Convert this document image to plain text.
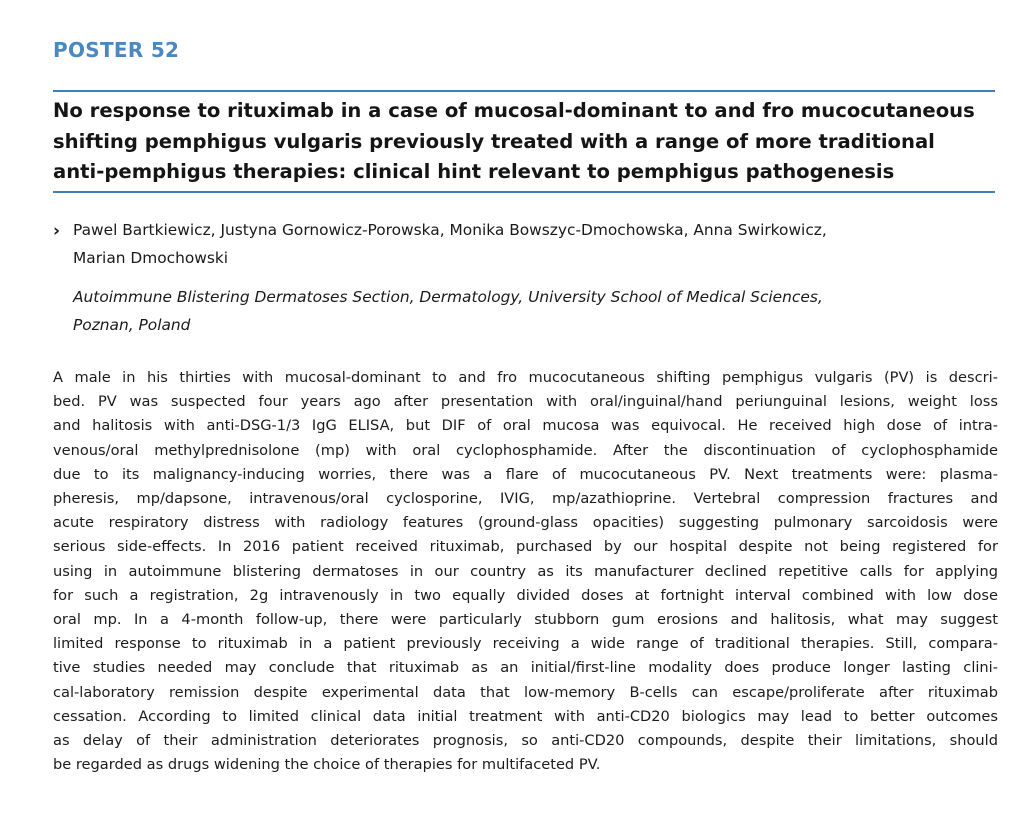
POSTER 52
No response to rituximab in a case of mucosal-dominant to and fro mucocutaneous
shifting pemphigus vulgaris previously treated with a range of more traditional
anti-pemphigus therapies: clinical hint relevant to pemphigus pathogenesis
› Pawel Bartkiewicz, Justyna Gornowicz-Porowska, Monika Bowszyc-Dmochowska, Anna Swirkowicz,
Marian Dmochowski
Autoimmune Blistering Dermatoses Section, Dermatology, University School of Medical Sciences,
Poznan, Poland
A male in his thirties with mucosal-dominant to and fro mucocutaneous shifting pemphigus vulgaris (PV) is descri-
bed. PV was suspected four years ago after presentation with oral/inguinal/hand periunguinal lesions, weight loss
and halitosis with anti-DSG-1/3 IgG ELISA, but DIF of oral mucosa was equivocal. He received high dose of intra-
venous/oral methylprednisolone (mp) with oral cyclophosphamide. After the discontinuation of cyclophosphamide
due to its malignancy-inducing worries, there was a flare of mucocutaneous PV. Next treatments were: plasma-
pheresis, mp/dapsone, intravenous/oral cyclosporine, IVIG, mp/azathioprine. Vertebral compression fractures and
acute respiratory distress with radiology features (ground-glass opacities) suggesting pulmonary sarcoidosis were
serious side-effects. In 2016 patient received rituximab, purchased by our hospital despite not being registered for
using in autoimmune blistering dermatoses in our country as its manufacturer declined repetitive calls for applying
for such a registration, 2g intravenously in two equally divided doses at fortnight interval combined with low dose
oral mp. In a 4-month follow-up, there were particularly stubborn gum erosions and halitosis, what may suggest
limited response to rituximab in a patient previously receiving a wide range of traditional therapies. Still, compara-
tive studies needed may conclude that rituximab as an initial/first-line modality does produce longer lasting clini-
cal-laboratory remission despite experimental data that low-memory B-cells can escape/proliferate after rituximab
cessation. According to limited clinical data initial treatment with anti-CD20 biologics may lead to better outcomes
as delay of their administration deteriorates prognosis, so anti-CD20 compounds, despite their limitations, should
be regarded as drugs widening the choice of therapies for multifaceted PV.
